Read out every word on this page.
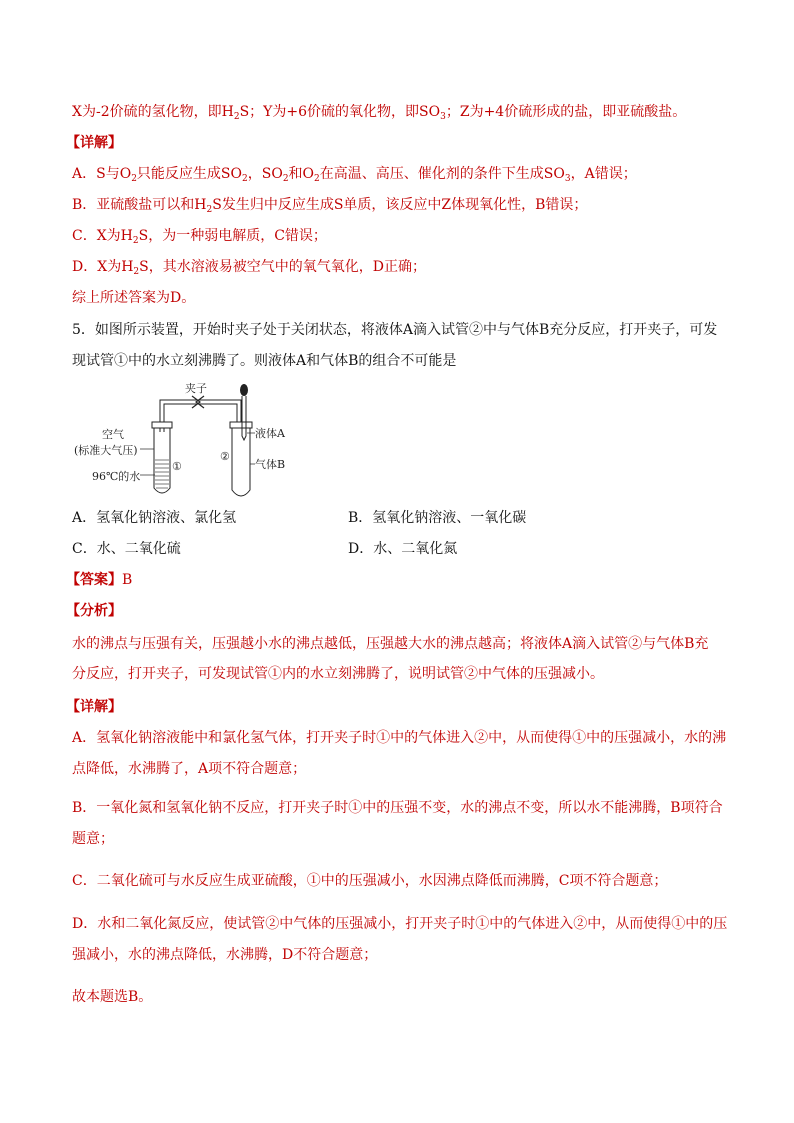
X为-2价硫的氢化物，即$H_2S$；Y为+6价硫的氧化物，即$SO_3$；Z为+4价硫形成的盐，即亚硫酸盐。
【详解】
A．S与$O_2$只能反应生成$SO_2$，$SO_2$和$O_2$在高温、高压、催化剂的条件下生成$SO_3$，A错误；
B．亚硫酸盐可以和$H_2S$发生归中反应生成S单质，该反应中Z体现氧化性，B错误；
C．X为$H_2S$，为一种弱电解质，C错误；
D．X为$H_2S$，其水溶液易被空气中的氧气氧化，D正确；
综上所述答案为D。
5．如图所示装置，开始时夹子处于关闭状态，将液体A滴入试管②中与气体B充分反应，打开夹子，可发
现试管①中的水立刻沸腾了。则液体A和气体B的组合不可能是
夹子
①
空气
(标准大气压)
96℃的水
②
液体A
气体B
A．氢氧化钠溶液、氯化氢	B．氢氧化钠溶液、一氧化碳
C．水、二氧化硫	D．水、二氧化氮
【答案】B
【分析】
水的沸点与压强有关，压强越小水的沸点越低，压强越大水的沸点越高；将液体A滴入试管②与气体B充
分反应，打开夹子，可发现试管①内的水立刻沸腾了，说明试管②中气体的压强减小。
【详解】
A．氢氧化钠溶液能中和氯化氢气体，打开夹子时①中的气体进入②中，从而使得①中的压强减小，水的沸
点降低，水沸腾了，A项不符合题意；
B．一氧化氮和氢氧化钠不反应，打开夹子时①中的压强不变，水的沸点不变，所以水不能沸腾，B项符合
题意；
C．二氧化硫可与水反应生成亚硫酸，①中的压强减小，水因沸点降低而沸腾，C项不符合题意；
D．水和二氧化氮反应，使试管②中气体的压强减小，打开夹子时①中的气体进入②中，从而使得①中的压
强减小，水的沸点降低，水沸腾，D不符合题意；
故本题选B。
